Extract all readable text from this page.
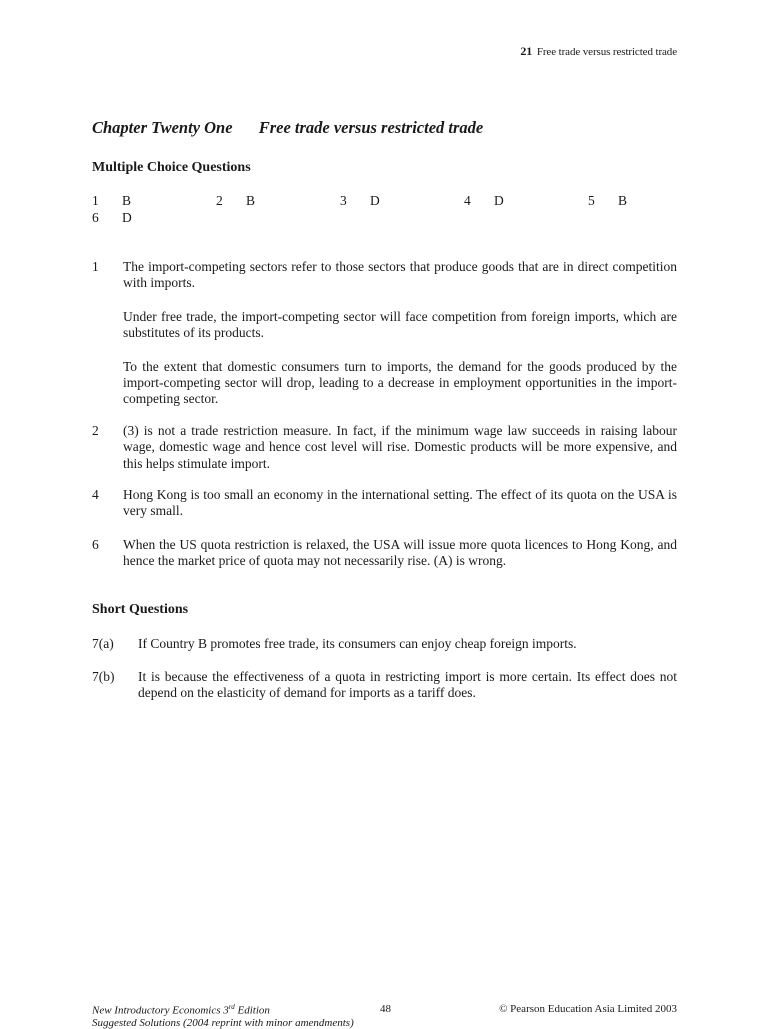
21 Free trade versus restricted trade
Chapter Twenty One Free trade versus restricted trade
Multiple Choice Questions
1 B	2 B	3 D	4 D	5 B
6 D
1 The import-competing sectors refer to those sectors that produce goods that are in direct competition with imports.

Under free trade, the import-competing sector will face competition from foreign imports, which are substitutes of its products.

To the extent that domestic consumers turn to imports, the demand for the goods produced by the import-competing sector will drop, leading to a decrease in employment opportunities in the import-competing sector.

2 (3) is not a trade restriction measure. In fact, if the minimum wage law succeeds in raising labour wage, domestic wage and hence cost level will rise. Domestic products will be more expensive, and this helps stimulate import.

4 Hong Kong is too small an economy in the international setting. The effect of its quota on the USA is very small.

6 When the US quota restriction is relaxed, the USA will issue more quota licences to Hong Kong, and hence the market price of quota may not necessarily rise. (A) is wrong.

Short Questions
7(a) If Country B promotes free trade, its consumers can enjoy cheap foreign imports.

7(b) It is because the effectiveness of a quota in restricting import is more certain. Its effect does not depend on the elasticity of demand for imports as a tariff does.

New Introductory Economics 3rd Edition	48	© Pearson Education Asia Limited 2003
Suggested Solutions (2004 reprint with minor amendments)
